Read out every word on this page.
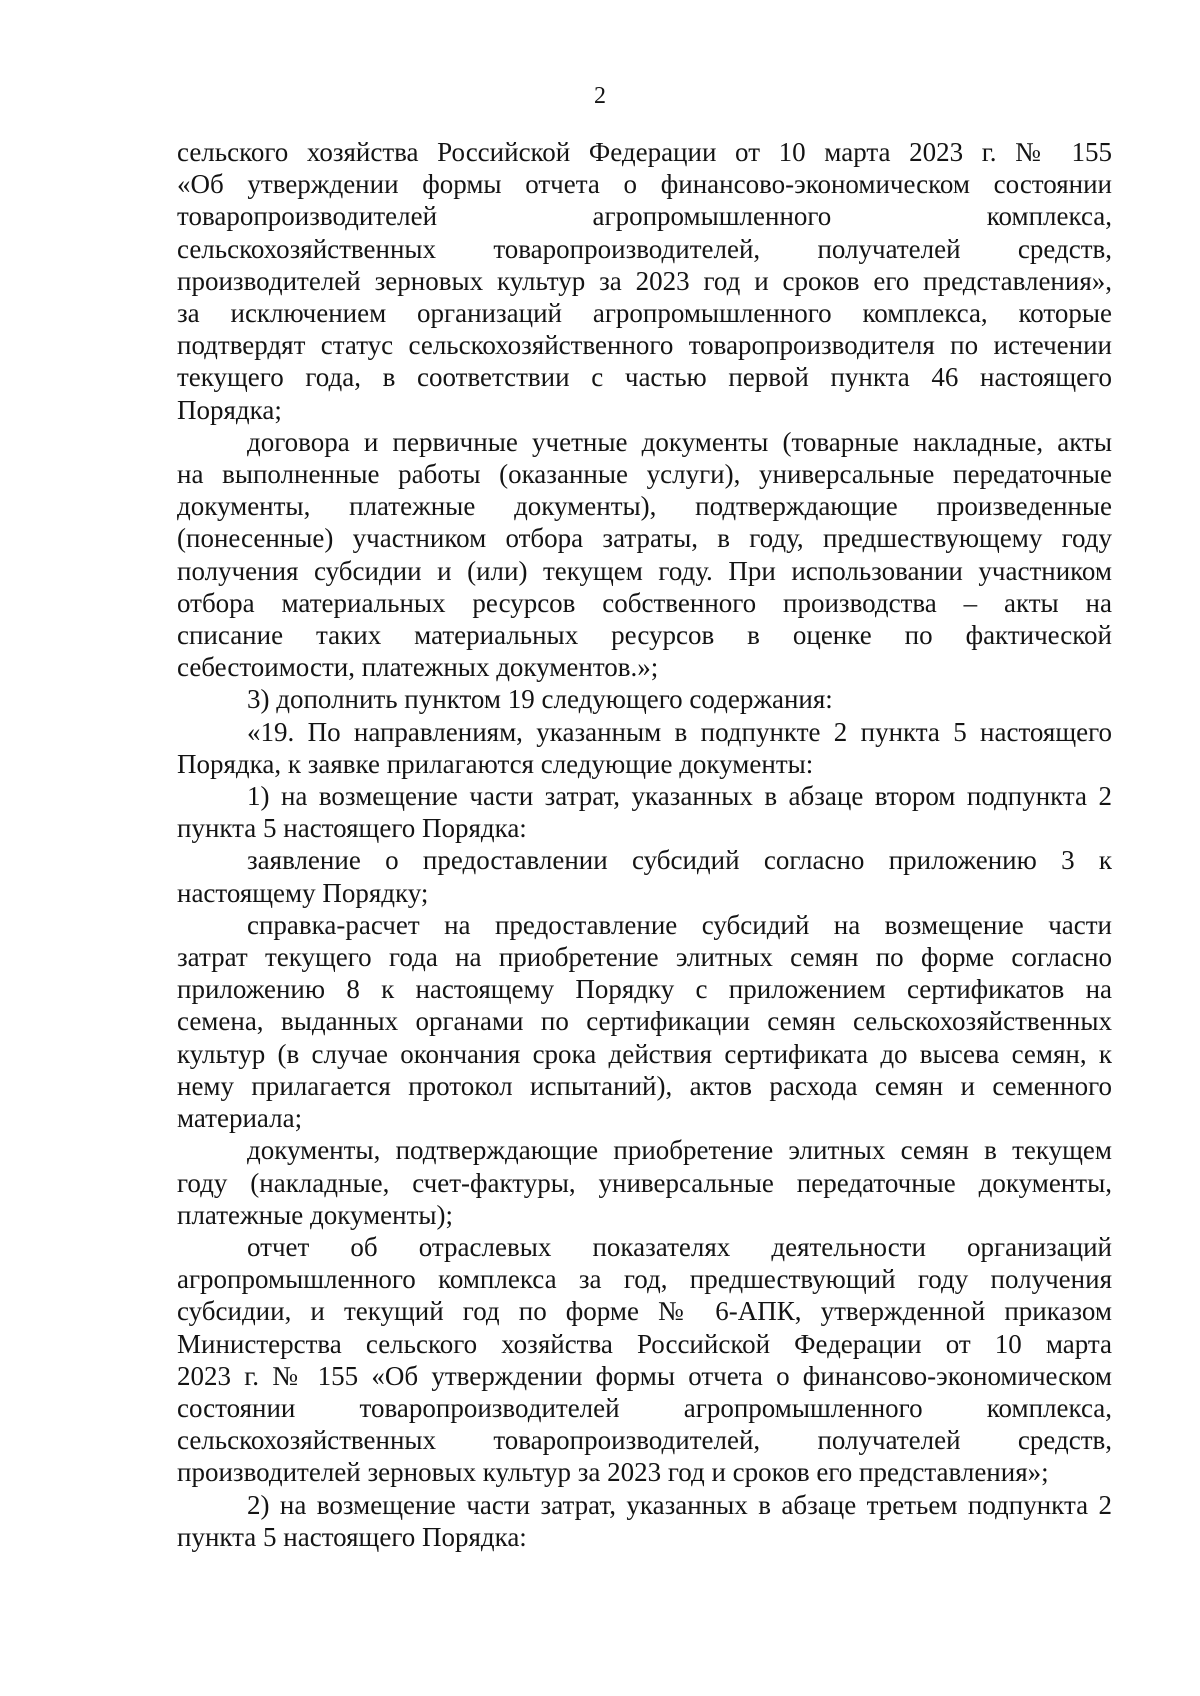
2
сельского хозяйства Российской Федерации от 10 марта 2023 г. № 155
«Об утверждении формы отчета о финансово-экономическом состоянии
товаропроизводителей агропромышленного комплекса,
сельскохозяйственных товаропроизводителей, получателей средств,
производителей зерновых культур за 2023 год и сроков его представления»,
за исключением организаций агропромышленного комплекса, которые
подтвердят статус сельскохозяйственного товаропроизводителя по истечении
текущего года, в соответствии с частью первой пункта 46 настоящего
Порядка;
договора и первичные учетные документы (товарные накладные, акты
на выполненные работы (оказанные услуги), универсальные передаточные
документы, платежные документы), подтверждающие произведенные
(понесенные) участником отбора затраты, в году, предшествующему году
получения субсидии и (или) текущем году. При использовании участником
отбора материальных ресурсов собственного производства – акты на
списание таких материальных ресурсов в оценке по фактической
себестоимости, платежных документов.»;
3) дополнить пунктом 19 следующего содержания:
«19. По направлениям, указанным в подпункте 2 пункта 5 настоящего
Порядка, к заявке прилагаются следующие документы:
1) на возмещение части затрат, указанных в абзаце втором подпункта 2
пункта 5 настоящего Порядка:
заявление о предоставлении субсидий согласно приложению 3 к
настоящему Порядку;
справка-расчет на предоставление субсидий на возмещение части
затрат текущего года на приобретение элитных семян по форме согласно
приложению 8 к настоящему Порядку с приложением сертификатов на
семена, выданных органами по сертификации семян сельскохозяйственных
культур (в случае окончания срока действия сертификата до высева семян, к
нему прилагается протокол испытаний), актов расхода семян и семенного
материала;
документы, подтверждающие приобретение элитных семян в текущем
году (накладные, счет-фактуры, универсальные передаточные документы,
платежные документы);
отчет об отраслевых показателях деятельности организаций
агропромышленного комплекса за год, предшествующий году получения
субсидии, и текущий год по форме № 6-АПК, утвержденной приказом
Министерства сельского хозяйства Российской Федерации от 10 марта
2023 г. № 155 «Об утверждении формы отчета о финансово-экономическом
состоянии товаропроизводителей агропромышленного комплекса,
сельскохозяйственных товаропроизводителей, получателей средств,
производителей зерновых культур за 2023 год и сроков его представления»;
2) на возмещение части затрат, указанных в абзаце третьем подпункта 2
пункта 5 настоящего Порядка:
